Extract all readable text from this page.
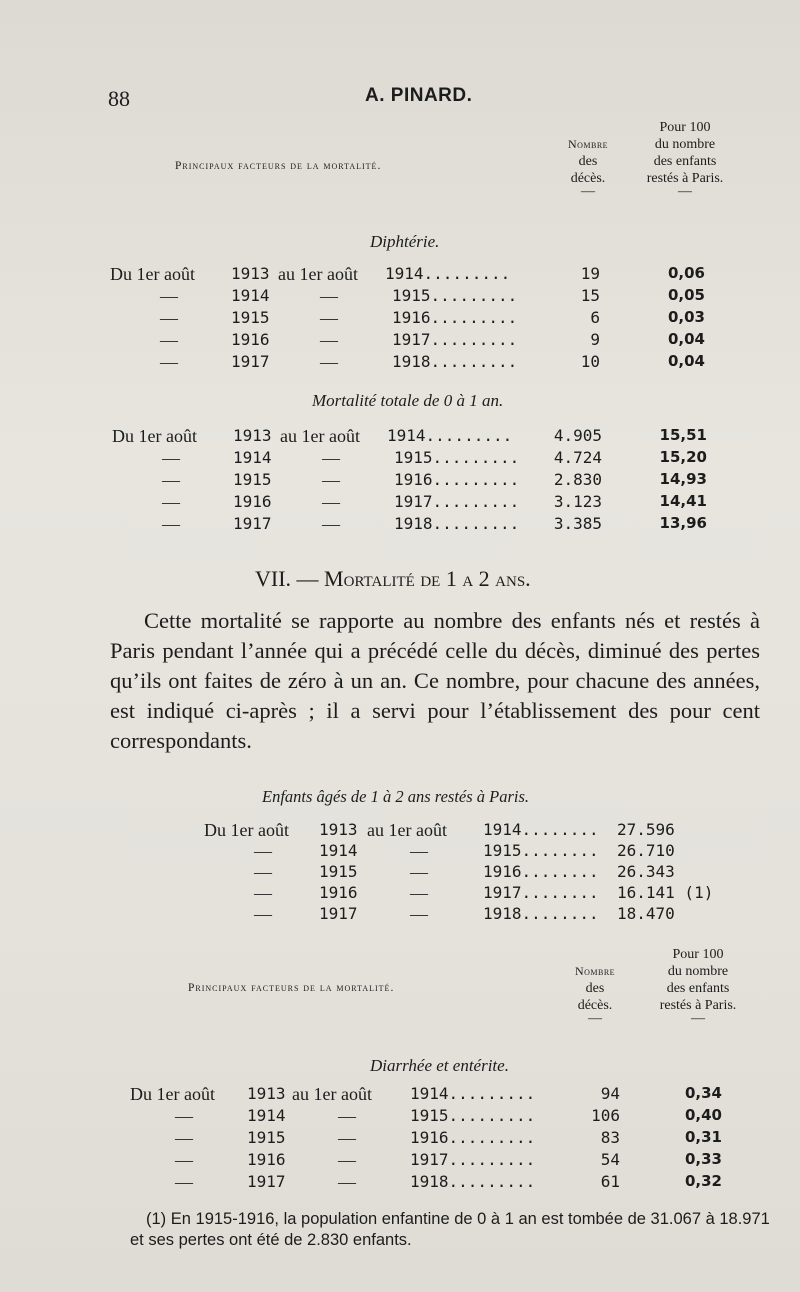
88	A. PINARD.
Principaux facteurs de la mortalité.
Nombre
des
décès.
—
Pour 100
du nombre
des enfants
restés à Paris.
—
Diphtérie.
Du 1er août 1913 au 1er août 1914.........	19	0,06
—	1914	—	1915.........	15	0,05
—	1915	—	1916.........	6	0,03
—	1916	—	1917.........	9	0,04
—	1917	—	1918.........	10	0,04
Mortalité totale de 0 à 1 an.
Du 1er août 1913 au 1er août 1914.........	4.905	15,51
—	1914	—	1915.........	4.724	15,20
—	1915	—	1916.........	2.830	14,93
—	1916	—	1917.........	3.123	14,41
—	1917	—	1918.........	3.385	13,96
VII. — Mortalité de 1 a 2 ans.
Cette mortalité se rapporte au nombre des enfants nés et restés à Paris pendant l’année qui a précédé celle du décès, diminué des pertes qu’ils ont faites de zéro à un an. Ce nombre, pour chacune des années, est indiqué ci-après ; il a servi pour l’établissement des pour cent correspondants.
Enfants âgés de 1 à 2 ans restés à Paris.
Du 1er août 1913 au 1er août 1914........ 27.596
—	1914	—	1915........ 26.710
—	1915	—	1916........ 26.343
—	1916	—	1917........ 16.141 (1)
—	1917	—	1918........ 18.470
Principaux facteurs de la mortalité.
Nombre
des
décès.
—
Pour 100
du nombre
des enfants
restés à Paris.
—
Diarrhée et entérite.
Du 1er août 1913 au 1er août 1914.........	94	0,34
—	1914	—	1915.........	106	0,40
—	1915	—	1916.........	83	0,31
—	1916	—	1917.........	54	0,33
—	1917	—	1918.........	61	0,32
(1) En 1915-1916, la population enfantine de 0 à 1 an est tombée de 31.067 à 18.971 et ses pertes ont été de 2.830 enfants.
